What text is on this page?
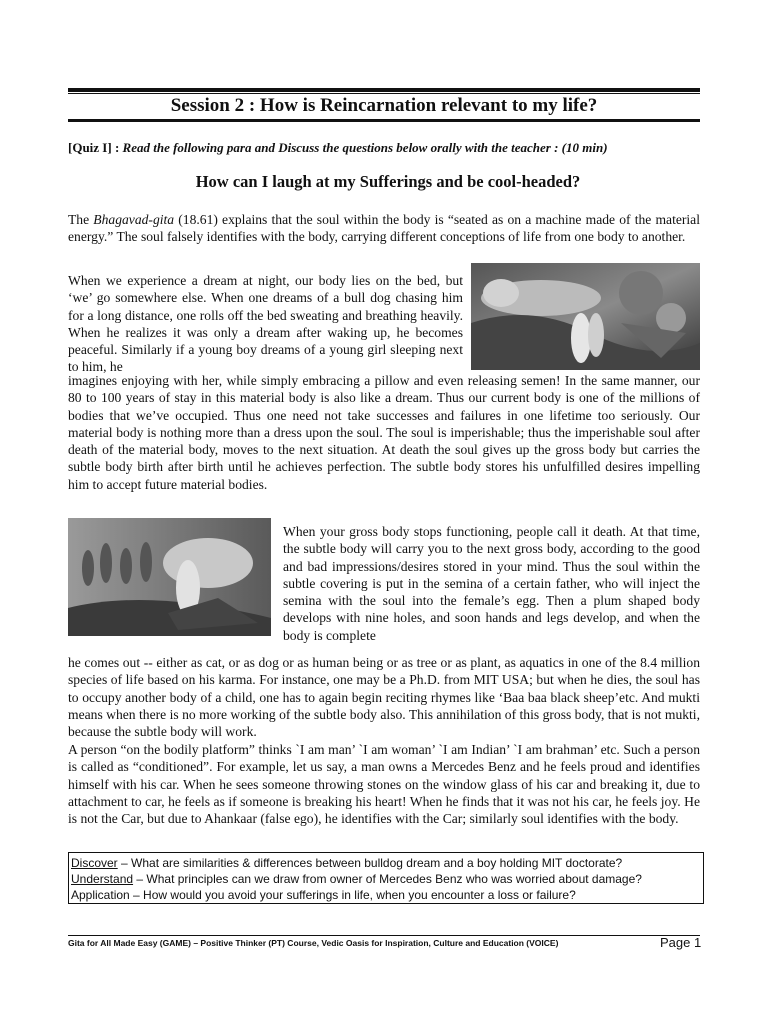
Session 2 : How is Reincarnation relevant to my life?
[Quiz I] : Read the following para and Discuss the questions below orally with the teacher : (10 min)
How can I laugh at my Sufferings and be cool-headed?
The Bhagavad-gita (18.61) explains that the soul within the body is “seated as on a machine made of the material energy.” The soul falsely identifies with the body, carrying different conceptions of life from one body to another.
When we experience a dream at night, our body lies on the bed, but ‘we’ go somewhere else. When one dreams of a bull dog chasing him for a long distance, one rolls off the bed sweating and breathing heavily. When he realizes it was only a dream after waking up, he becomes peaceful. Similarly if a young boy dreams of a young girl sleeping next to him, he
imagines enjoying with her, while simply embracing a pillow and even releasing semen! In the same manner, our 80 to 100 years of stay in this material body is also like a dream. Thus our current body is one of the millions of bodies that we’ve occupied. Thus one need not take successes and failures in one lifetime too seriously. Our material body is nothing more than a dress upon the soul. The soul is imperishable; thus the imperishable soul after death of the material body, moves to the next situation. At death the soul gives up the gross body but carries the subtle body birth after birth until he achieves perfection. The subtle body stores his unfulfilled desires impelling him to accept future material bodies.
When your gross body stops functioning, people call it death. At that time, the subtle body will carry you to the next gross body, according to the good and bad impressions/desires stored in your mind. Thus the soul within the subtle covering is put in the semina of a certain father, who will inject the semina with the soul into the female’s egg. Then a plum shaped body develops with nine holes, and soon hands and legs develop, and when the body is complete
he comes out -- either as cat, or as dog or as human being or as tree or as plant, as aquatics in one of the 8.4 million species of life based on his karma. For instance, one may be a Ph.D. from MIT USA; but when he dies, the soul has to occupy another body of a child, one has to again begin reciting rhymes like ‘Baa baa black sheep’etc. And mukti means when there is no more working of the subtle body also. This annihilation of this gross body, that is not mukti, because the subtle body will work.
A person “on the bodily platform” thinks `I am man’ `I am woman’ `I am Indian’ `I am brahman’ etc. Such a person is called as “conditioned”. For example, let us say, a man owns a Mercedes Benz and he feels proud and identifies himself with his car. When he sees someone throwing stones on the window glass of his car and breaking it, due to attachment to car, he feels as if someone is breaking his heart! When he finds that it was not his car, he feels joy. He is not the Car, but due to Ahankaar (false ego), he identifies with the Car; similarly soul identifies with the body.
Discover – What are similarities & differences between bulldog dream and a boy holding MIT doctorate?
Understand – What principles can we draw from owner of Mercedes Benz who was worried about damage?
Application – How would you avoid your sufferings in life, when you encounter a loss or failure?
Gita for All Made Easy (GAME) – Positive Thinker (PT) Course, Vedic Oasis for Inspiration, Culture and Education (VOICE)	Page 1
